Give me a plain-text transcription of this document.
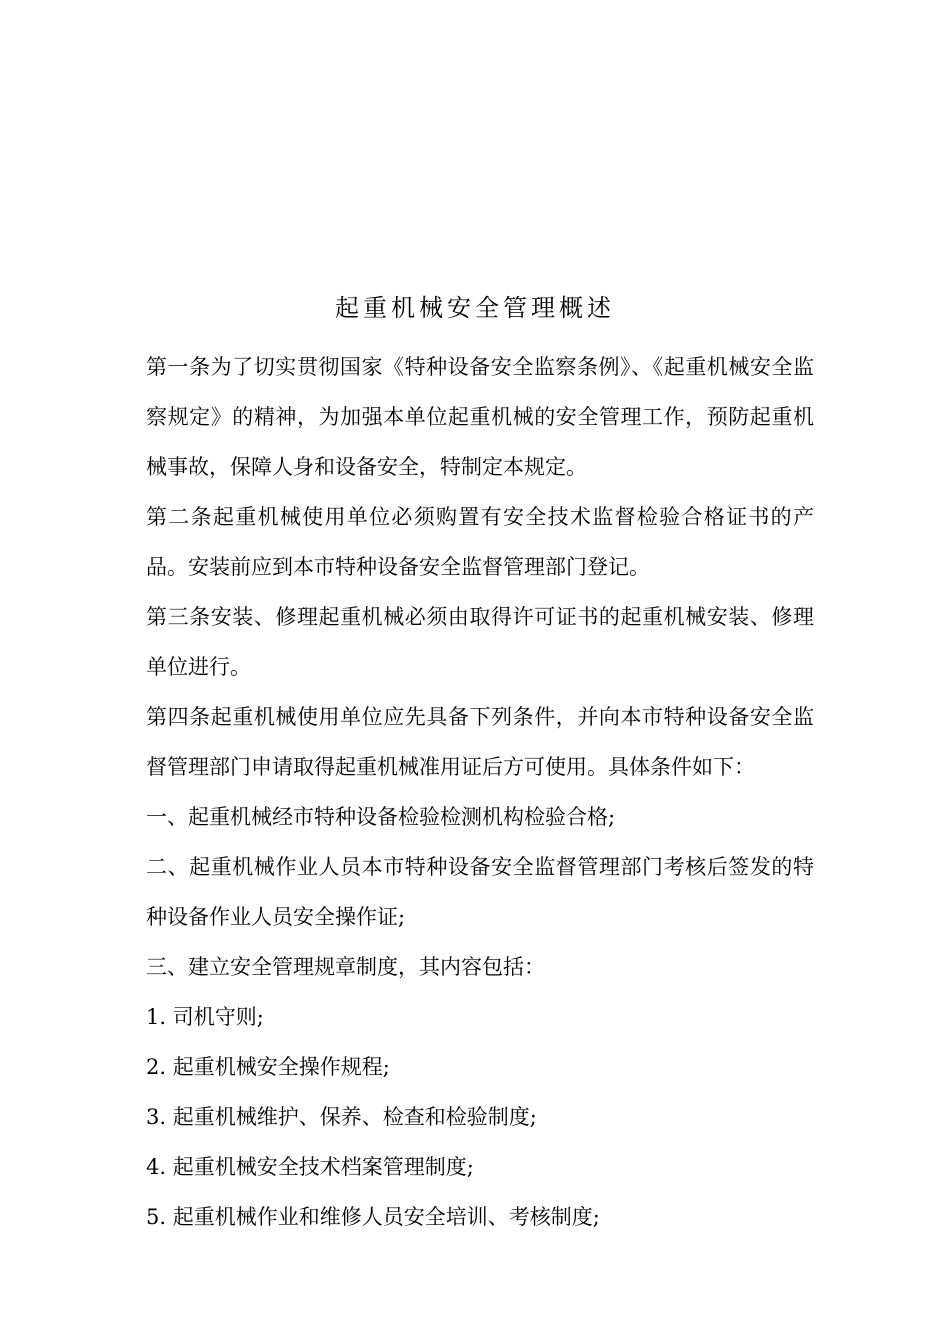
起重机械安全管理概述

第一条为了切实贯彻国家《特种设备安全监察条例》、《起重机械安全监察规定》的精神，为加强本单位起重机械的安全管理工作，预防起重机械事故，保障人身和设备安全，特制定本规定。

第二条起重机械使用单位必须购置有安全技术监督检验合格证书的产品。安装前应到本市特种设备安全监督管理部门登记。

第三条安装、修理起重机械必须由取得许可证书的起重机械安装、修理单位进行。

第四条起重机械使用单位应先具备下列条件，并向本市特种设备安全监督管理部门申请取得起重机械准用证后方可使用。具体条件如下：

一、起重机械经市特种设备检验检测机构检验合格;

二、起重机械作业人员本市特种设备安全监督管理部门考核后签发的特种设备作业人员安全操作证;

三、建立安全管理规章制度，其内容包括：

1. 司机守则;

2. 起重机械安全操作规程;

3. 起重机械维护、保养、检查和检验制度;

4. 起重机械安全技术档案管理制度;

5. 起重机械作业和维修人员安全培训、考核制度;
